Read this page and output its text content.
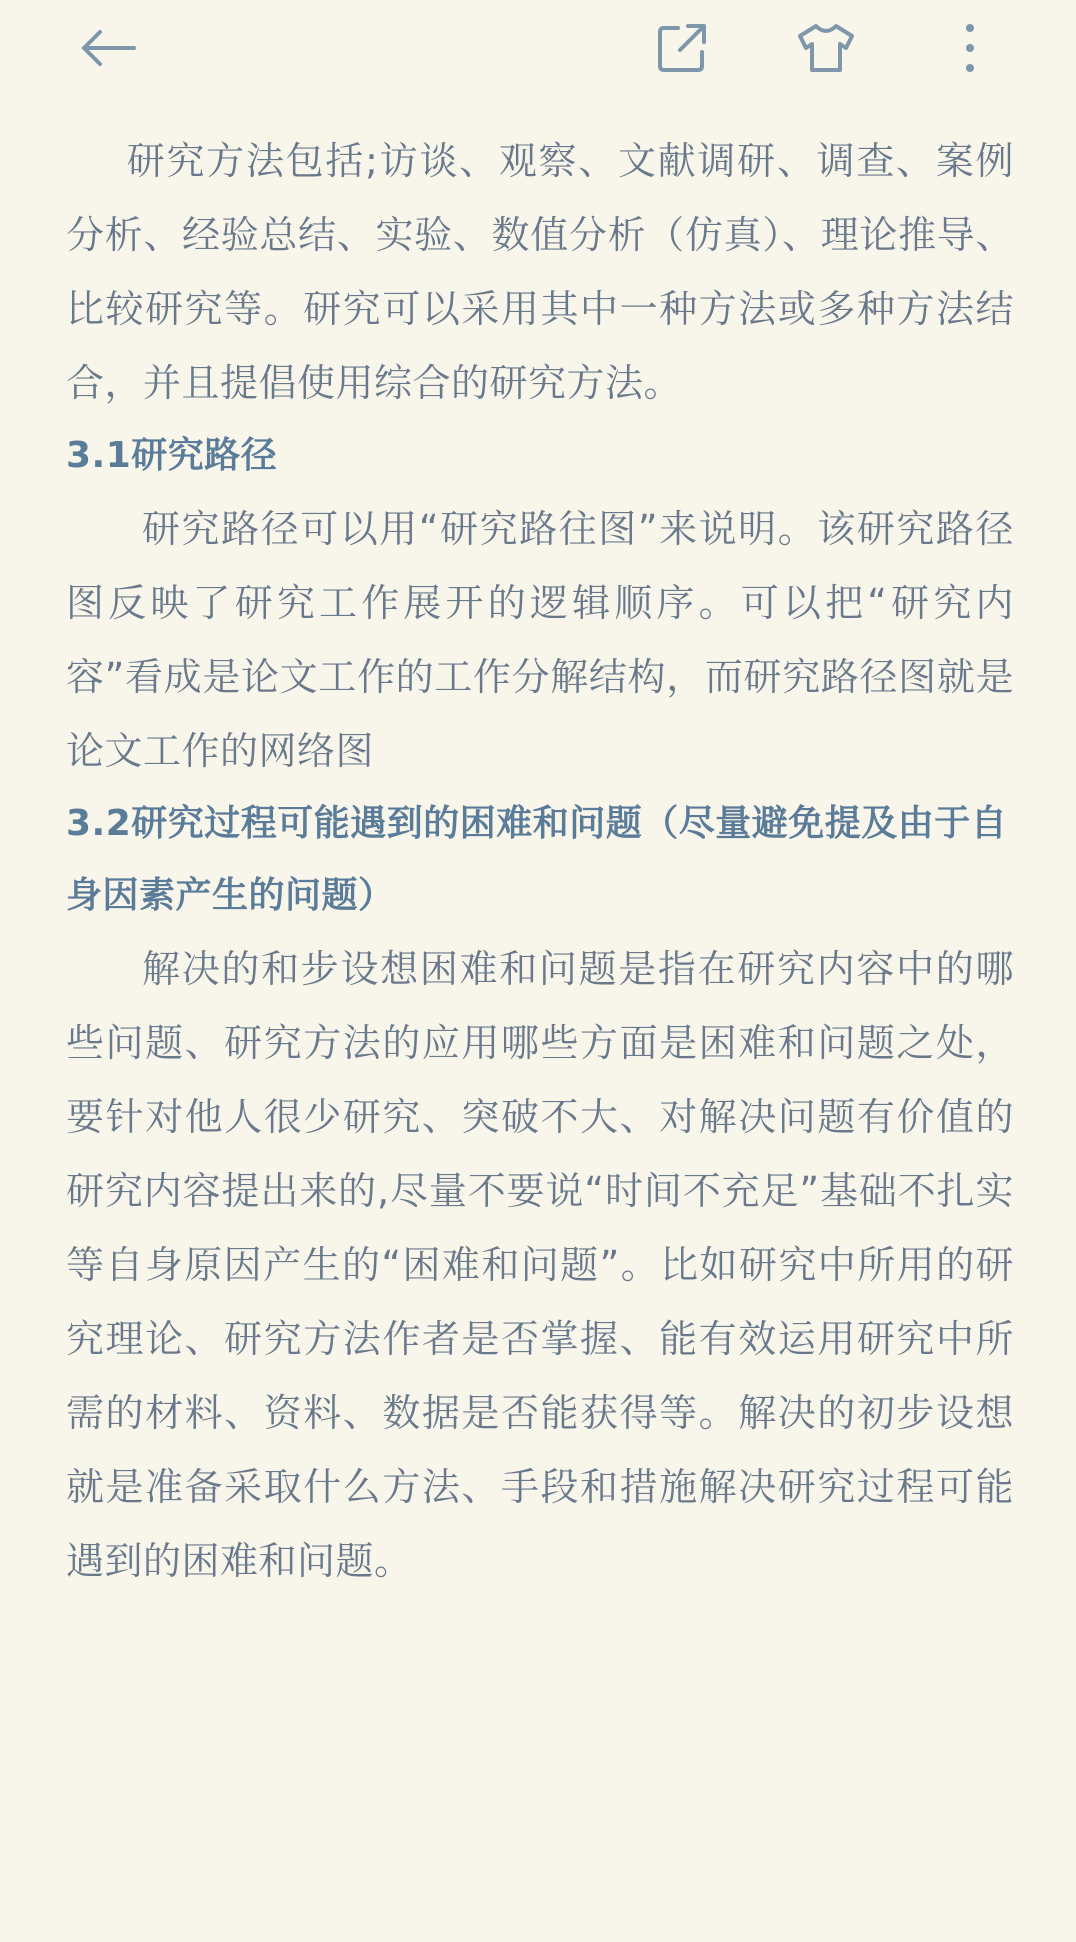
研究方法包括;访谈、观察、文献调研、调查、案例分析、经验总结、实验、数值分析（仿真）、理论推导、比较研究等。研究可以采用其中一种方法或多种方法结合，并且提倡使用综合的研究方法。

3.1研究路径

研究路径可以用“研究路往图”来说明。该研究路径图反映了研究工作展开的逻辑顺序。可以把“研究内容”看成是论文工作的工作分解结构，而研究路径图就是论文工作的网络图

3.2研究过程可能遇到的困难和问题（尽量避免提及由于自身因素产生的问题）

解决的和步设想困难和问题是指在研究内容中的哪些问题、研究方法的应用哪些方面是困难和问题之处，要针对他人很少研究、突破不大、对解决问题有价值的研究内容提出来的,尽量不要说“时间不充足”基础不扎实等自身原因产生的“困难和问题”。比如研究中所用的研究理论、研究方法作者是否掌握、能有效运用研究中所需的材料、资料、数据是否能获得等。解决的初步设想就是准备采取什么方法、手段和措施解决研究过程可能遇到的困难和问题。
